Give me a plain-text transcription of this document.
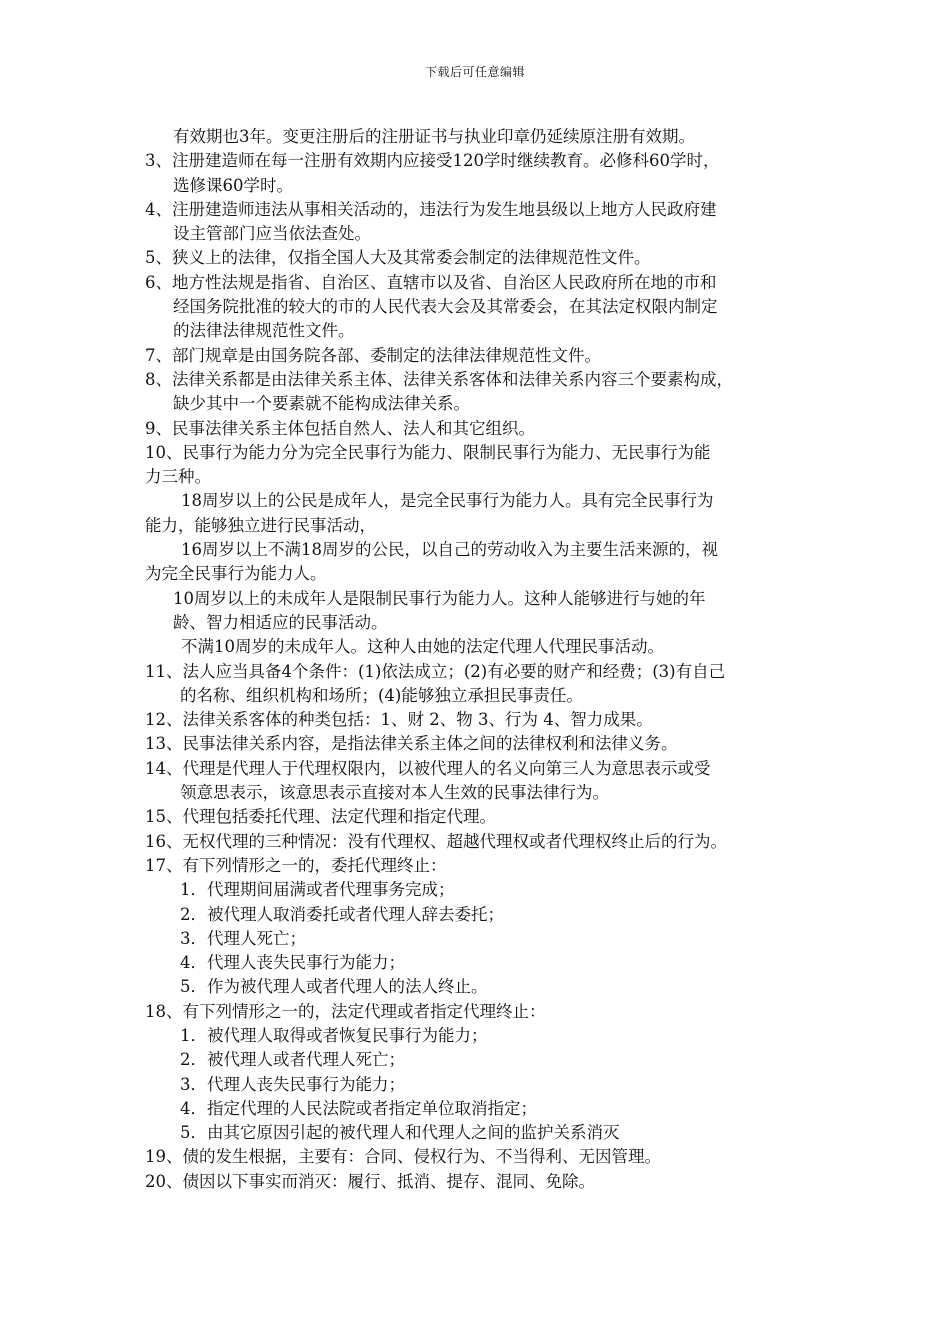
下载后可任意编辑
有效期也3年。变更注册后的注册证书与执业印章仍延续原注册有效期。
3、注册建造师在每一注册有效期内应接受120学时继续教育。必修科60学时，
选修课60学时。
4、注册建造师违法从事相关活动的，违法行为发生地县级以上地方人民政府建
设主管部门应当依法查处。
5、狭义上的法律，仅指全国人大及其常委会制定的法律规范性文件。
6、地方性法规是指省、自治区、直辖市以及省、自治区人民政府所在地的市和
经国务院批准的较大的市的人民代表大会及其常委会，在其法定权限内制定
的法律法律规范性文件。
7、部门规章是由国务院各部、委制定的法律法律规范性文件。
8、法律关系都是由法律关系主体、法律关系客体和法律关系内容三个要素构成，
缺少其中一个要素就不能构成法律关系。
9、民事法律关系主体包括自然人、法人和其它组织。
10、民事行为能力分为完全民事行为能力、限制民事行为能力、无民事行为能
力三种。
18周岁以上的公民是成年人，是完全民事行为能力人。具有完全民事行为
能力，能够独立进行民事活动，
16周岁以上不满18周岁的公民，以自己的劳动收入为主要生活来源的，视
为完全民事行为能力人。
10周岁以上的未成年人是限制民事行为能力人。这种人能够进行与她的年
龄、智力相适应的民事活动。
不满10周岁的未成年人。这种人由她的法定代理人代理民事活动。
11、法人应当具备4个条件：(1)依法成立；(2)有必要的财产和经费；(3)有自己
的名称、组织机构和场所；(4)能够独立承担民事责任。
12、法律关系客体的种类包括：1、财 2、物 3、行为 4、智力成果。
13、民事法律关系内容，是指法律关系主体之间的法律权利和法律义务。
14、代理是代理人于代理权限内，以被代理人的名义向第三人为意思表示或受
领意思表示，该意思表示直接对本人生效的民事法律行为。
15、代理包括委托代理、法定代理和指定代理。
16、无权代理的三种情况：没有代理权、超越代理权或者代理权终止后的行为。
17、有下列情形之一的，委托代理终止：
1．代理期间届满或者代理事务完成；
2．被代理人取消委托或者代理人辞去委托；
3．代理人死亡；
4．代理人丧失民事行为能力；
5．作为被代理人或者代理人的法人终止。
18、有下列情形之一的，法定代理或者指定代理终止：
1．被代理人取得或者恢复民事行为能力；
2．被代理人或者代理人死亡；
3．代理人丧失民事行为能力；
4．指定代理的人民法院或者指定单位取消指定；
5．由其它原因引起的被代理人和代理人之间的监护关系消灭
19、债的发生根据，主要有：合同、侵权行为、不当得利、无因管理。
20、债因以下事实而消灭：履行、抵消、提存、混同、免除。
